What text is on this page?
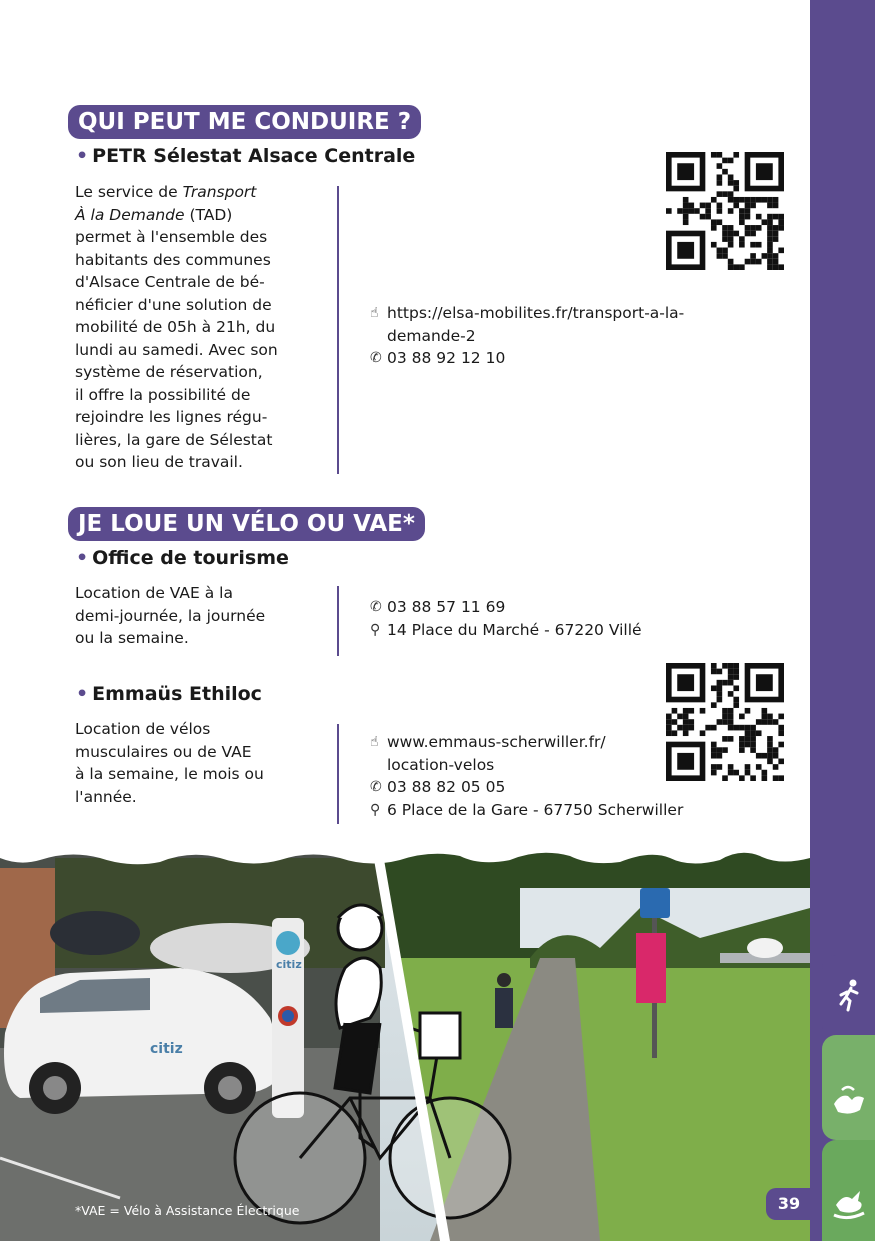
QUI PEUT ME CONDUIRE ?
• PETR Sélestat Alsace Centrale
Le service de Transport
À la Demande (TAD)
permet à l'ensemble des
habitants des communes
d'Alsace Centrale de bé-
néficier d'une solution de
mobilité de 05h à 21h, du
lundi au samedi. Avec son
système de réservation,
il offre la possibilité de
rejoindre les lignes régu-
lières, la gare de Sélestat
ou son lieu de travail.
☝ https://elsa-mobilites.fr/transport-a-la-
demande-2
✆ 03 88 92 12 10
JE LOUE UN VÉLO OU VAE*
• Office de tourisme
Location de VAE à la
demi-journée, la journée
ou la semaine.
✆ 03 88 57 11 69
⚲ 14 Place du Marché - 67220 Villé
• Emmaüs Ethiloc
Location de vélos
musculaires ou de VAE
à la semaine, le mois ou
l'année.
☝ www.emmaus-scherwiller.fr/
location-velos
✆ 03 88 82 05 05
⚲ 6 Place de la Gare - 67750 Scherwiller
citiz
citiz
*VAE = Vélo à Assistance Électrique	39
